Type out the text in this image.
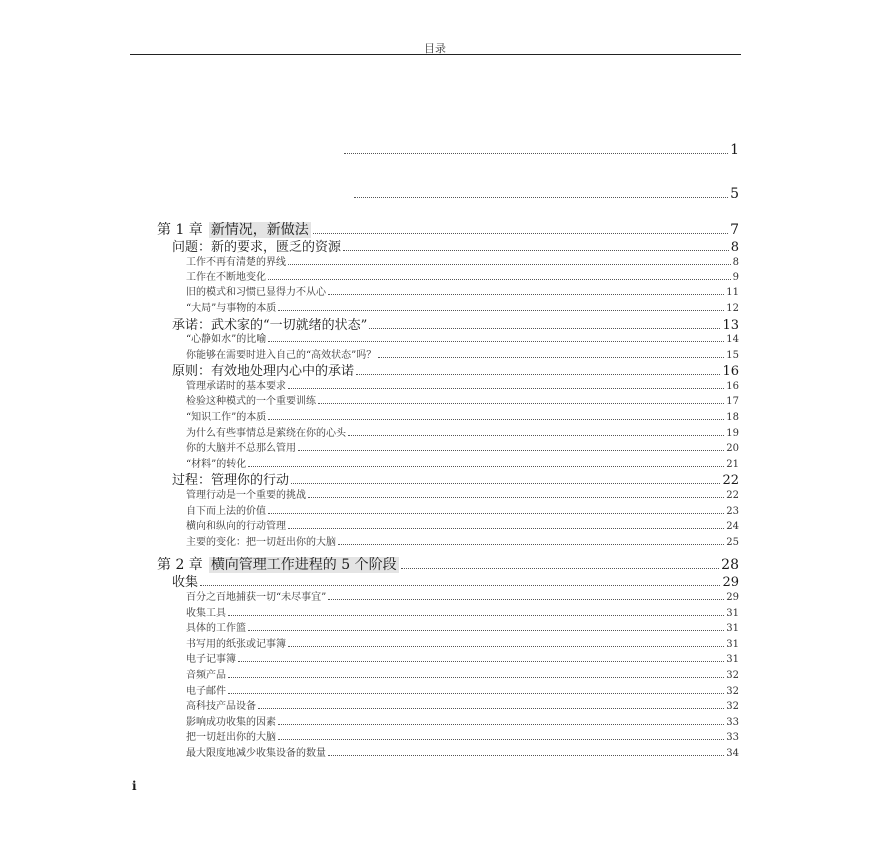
目录
1
5
第 1 章 新情况，新做法	7
问题：新的要求，匮乏的资源	8
工作不再有清楚的界线	8
工作在不断地变化	9
旧的模式和习惯已显得力不从心	11
“大局”与事物的本质	12
承诺：武术家的“一切就绪的状态”	13
“心静如水”的比喻	14
你能够在需要时进入自己的“高效状态”吗？	15
原则：有效地处理内心中的承诺	16
管理承诺时的基本要求	16
检验这种模式的一个重要训练	17
“知识工作”的本质	18
为什么有些事情总是萦绕在你的心头	19
你的大脑并不总那么管用	20
“材料”的转化	21
过程：管理你的行动	22
管理行动是一个重要的挑战	22
自下而上法的价值	23
横向和纵向的行动管理	24
主要的变化：把一切赶出你的大脑	25
第 2 章 横向管理工作进程的 5 个阶段	28
收集	29
百分之百地捕获一切“未尽事宜”	29
收集工具	31
具体的工作篮	31
书写用的纸张或记事簿	31
电子记事簿	31
音频产品	32
电子邮件	32
高科技产品设备	32
影响成功收集的因素	33
把一切赶出你的大脑	33
最大限度地减少收集设备的数量	34
i
